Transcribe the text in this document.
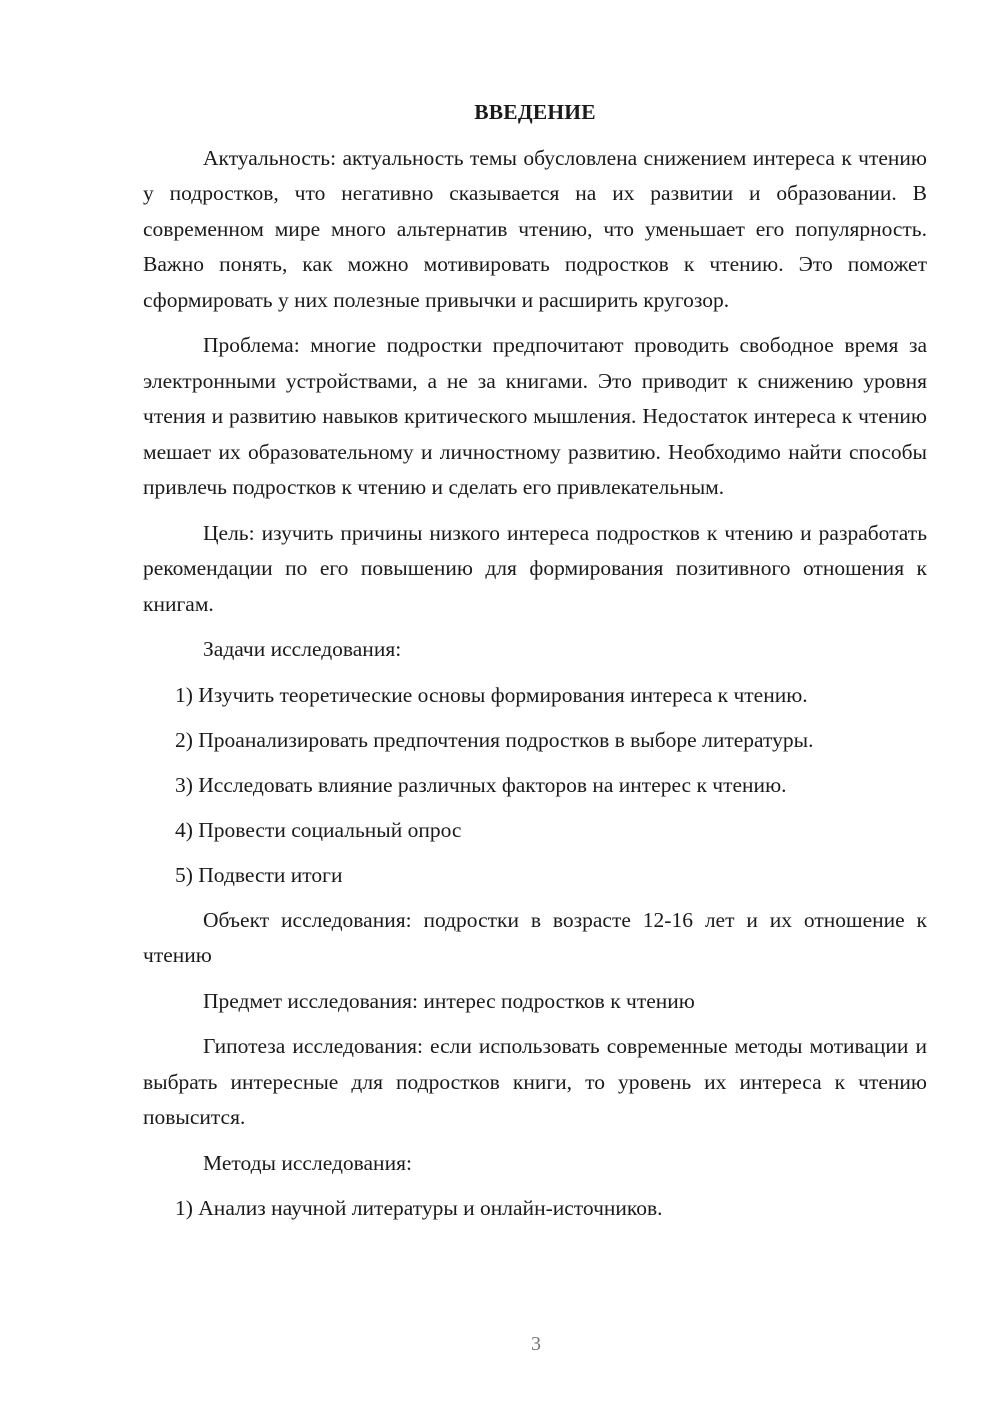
ВВЕДЕНИЕ
Актуальность: актуальность темы обусловлена снижением интереса к чтению у подростков, что негативно сказывается на их развитии и образовании. В современном мире много альтернатив чтению, что уменьшает его популярность. Важно понять, как можно мотивировать подростков к чтению. Это поможет сформировать у них полезные привычки и расширить кругозор.
Проблема: многие подростки предпочитают проводить свободное время за электронными устройствами, а не за книгами. Это приводит к снижению уровня чтения и развитию навыков критического мышления. Недостаток интереса к чтению мешает их образовательному и личностному развитию. Необходимо найти способы привлечь подростков к чтению и сделать его привлекательным.
Цель: изучить причины низкого интереса подростков к чтению и разработать рекомендации по его повышению для формирования позитивного отношения к книгам.
Задачи исследования:
1) Изучить теоретические основы формирования интереса к чтению.
2) Проанализировать предпочтения подростков в выборе литературы.
3) Исследовать влияние различных факторов на интерес к чтению.
4) Провести социальный опрос
5) Подвести итоги
Объект исследования: подростки в возрасте 12-16 лет и их отношение к чтению
Предмет исследования: интерес подростков к чтению
Гипотеза исследования: если использовать современные методы мотивации и выбрать интересные для подростков книги, то уровень их интереса к чтению повысится.
Методы исследования:
1) Анализ научной литературы и онлайн-источников.
3
